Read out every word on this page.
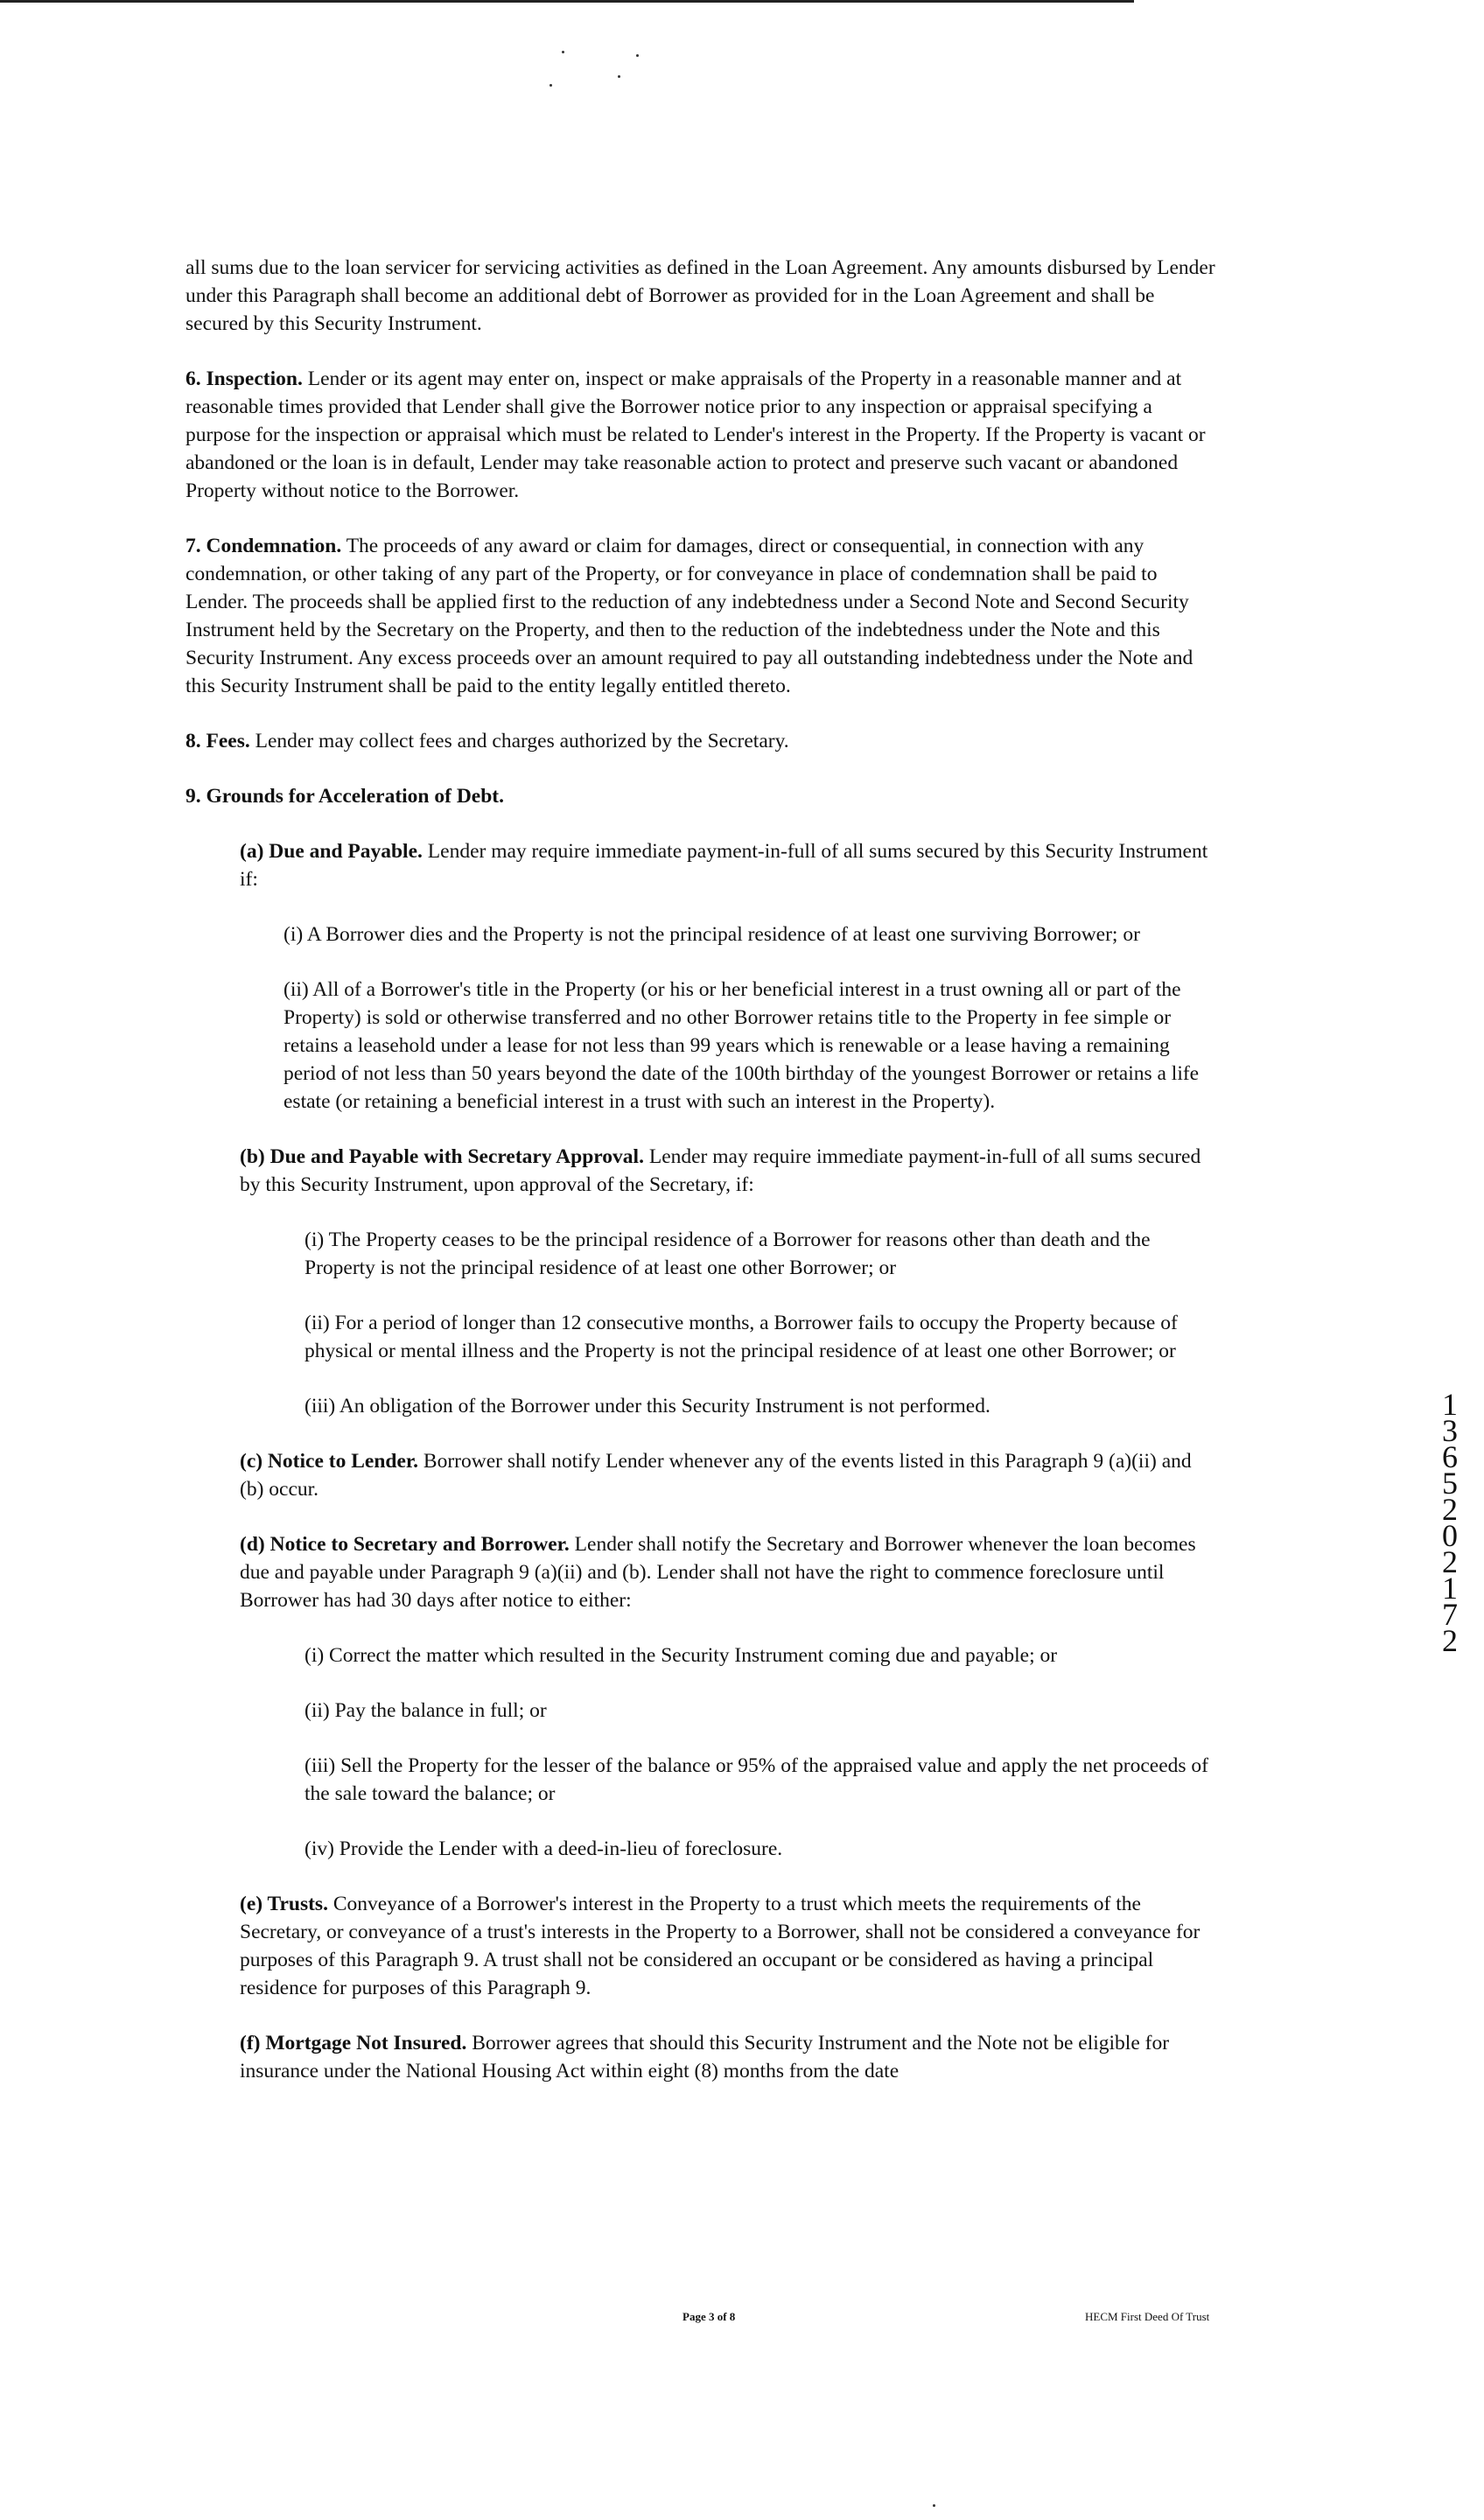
all sums due to the loan servicer for servicing activities as defined in the Loan Agreement. Any amounts disbursed by Lender under this Paragraph shall become an additional debt of Borrower as provided for in the Loan Agreement and shall be secured by this Security Instrument.

6. Inspection. Lender or its agent may enter on, inspect or make appraisals of the Property in a reasonable manner and at reasonable times provided that Lender shall give the Borrower notice prior to any inspection or appraisal specifying a purpose for the inspection or appraisal which must be related to Lender's interest in the Property. If the Property is vacant or abandoned or the loan is in default, Lender may take reasonable action to protect and preserve such vacant or abandoned Property without notice to the Borrower.

7. Condemnation. The proceeds of any award or claim for damages, direct or consequential, in connection with any condemnation, or other taking of any part of the Property, or for conveyance in place of condemnation shall be paid to Lender. The proceeds shall be applied first to the reduction of any indebtedness under a Second Note and Second Security Instrument held by the Secretary on the Property, and then to the reduction of the indebtedness under the Note and this Security Instrument. Any excess proceeds over an amount required to pay all outstanding indebtedness under the Note and this Security Instrument shall be paid to the entity legally entitled thereto.

8. Fees. Lender may collect fees and charges authorized by the Secretary.

9. Grounds for Acceleration of Debt.

(a) Due and Payable. Lender may require immediate payment-in-full of all sums secured by this Security Instrument if:

(i) A Borrower dies and the Property is not the principal residence of at least one surviving Borrower; or

(ii) All of a Borrower's title in the Property (or his or her beneficial interest in a trust owning all or part of the Property) is sold or otherwise transferred and no other Borrower retains title to the Property in fee simple or retains a leasehold under a lease for not less than 99 years which is renewable or a lease having a remaining period of not less than 50 years beyond the date of the 100th birthday of the youngest Borrower or retains a life estate (or retaining a beneficial interest in a trust with such an interest in the Property).

(b) Due and Payable with Secretary Approval. Lender may require immediate payment-in-full of all sums secured by this Security Instrument, upon approval of the Secretary, if:

(i) The Property ceases to be the principal residence of a Borrower for reasons other than death and the Property is not the principal residence of at least one other Borrower; or

(ii) For a period of longer than 12 consecutive months, a Borrower fails to occupy the Property because of physical or mental illness and the Property is not the principal residence of at least one other Borrower; or

(iii) An obligation of the Borrower under this Security Instrument is not performed.

(c) Notice to Lender. Borrower shall notify Lender whenever any of the events listed in this Paragraph 9 (a)(ii) and (b) occur.

(d) Notice to Secretary and Borrower. Lender shall notify the Secretary and Borrower whenever the loan becomes due and payable under Paragraph 9 (a)(ii) and (b). Lender shall not have the right to commence foreclosure until Borrower has had 30 days after notice to either:

(i) Correct the matter which resulted in the Security Instrument coming due and payable; or

(ii) Pay the balance in full; or

(iii) Sell the Property for the lesser of the balance or 95% of the appraised value and apply the net proceeds of the sale toward the balance; or

(iv) Provide the Lender with a deed-in-lieu of foreclosure.

(e) Trusts. Conveyance of a Borrower's interest in the Property to a trust which meets the requirements of the Secretary, or conveyance of a trust's interests in the Property to a Borrower, shall not be considered a conveyance for purposes of this Paragraph 9. A trust shall not be considered an occupant or be considered as having a principal residence for purposes of this Paragraph 9.

(f) Mortgage Not Insured. Borrower agrees that should this Security Instrument and the Note not be eligible for insurance under the National Housing Act within eight (8) months from the date

Page 3 of 8	HECM First Deed Of Trust
1
3
6
5
2
0
2
1
7
2
